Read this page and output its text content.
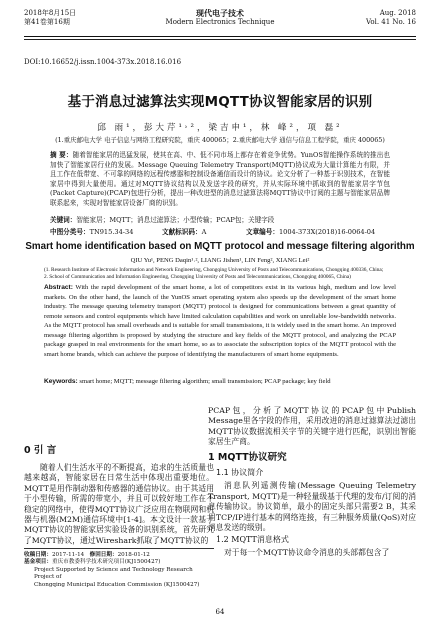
2018年8月15日
第41卷第16期
现代电子技术
Modern Electronics Technique
Aug. 2018
Vol. 41 No. 16
DOI:10.16652/j.issn.1004-373x.2018.16.016
基于消息过滤算法实现MQTT协议智能家居的识别
邱 雨¹，彭大芹¹˒²，梁吉申¹，林 峰²，项 磊²
(1.重庆邮电大学 电子信息与网络工程研究院，重庆 400065；2.重庆邮电大学 通信与信息工程学院，重庆 400065)
摘 要：随着智能家居的迅猛发展，使其在高、中、低不同市场上都存在着竞争优势。YunOS智能操作系统的推出也加快了智能家居行业的发展。Message Queuing Telemetry Transport(MQTT)协议成为大量计算能力有限，并且工作在低带宽、不可靠的网络的远程传感器和控制设备通信而设计的协议。论文分析了一种基于识别技术，在智能家居中得到大量使用。通过对MQTT协议结构以及发送字段的研究，并从实际环境中抓取到的智能家居字节包(Packet Capture)(PCAP)包进行分析，提出一种改进型的消息过滤算法将MQTT协议中订阅的主题与智能家居品牌联系起来，实现对智能家居设备厂商的识别。
关键词：智能家居；MQTT；消息过滤算法；小型传输；PCAP包；关键字段
中图分类号：TN915.34-34	文献标识码：A	文章编号：1004-373X(2018)16-0064-04
Smart home identification based on MQTT protocol and message filtering algorithm
QIU Yu¹, PENG Daqin¹˒², LIANG Jishen¹, LIN Feng², XIANG Lei²
(1. Research Institute of Electronic Information and Network Engineering, Chongqing University of Posts and Telecommunications, Chongqing 400336, China;
2. School of Communication and Information Engineering, Chongqing University of Posts and Telecommunications, Chongqing 400065, China)
Abstract: With the rapid development of the smart home, a lot of competitors exist in its various high, medium and low level markets. On the other hand, the launch of the YunOS smart operating system also speeds up the development of the smart home industry. The message queuing telemetry transport (MQTT) protocol is designed for communications between a great quantity of remote sensors and control equipments which have limited calculation capabilities and work on unreliable low-bandwidth networks. As the MQTT protocol has small overheads and is suitable for small transmissions, it is widely used in the smart home. An improved message filtering algorithm is proposed by studying the structure and key fields of the MQTT protocol, and analyzing the PCAP package grasped in real environments for the smart home, so as to associate the subscription topics of the MQTT protocol with the smart home brands, which can achieve the purpose of identifying the manufacturers of smart home equipments.
Keywords: smart home; MQTT; message filtering algorithm; small transmission; PCAP package; key field
0 引 言

随着人们生活水平的不断提高，追求的生活质量也越来越高，智能家居在日常生活中体现出重要地位。MQTT是用作制动器和传感器的通信协议。由于其适用于小型传输，所需的带宽小，并且可以较好地工作在不稳定的网络中，使得MQTT协议广泛应用在物联网和机器与机器(M2M)通信环境中[1-4]。本文设计一款基于MQTT协议的智能家居实验设备的识别系统，首先研究了MQTT协议，通过Wireshark抓取了MQTT协议的

收稿日期：2017-11-14 修回日期：2018-01-12
基金项目：重庆市教委科学技术研究项目(KJ1500427)
Project Supported by Science and Technology Research Project of
Chongqing Municipal Education Commission (KJ1500427)

PCAP包，分析了MQTT协议的PCAP包中Publish Message里各字段的作用，采用改进的消息过滤算法过滤出MQTT协议数据流相关字节的关键字进行匹配，识别出智能家居生产商。

1 MQTT协议研究
1.1 协议简介

消息队列遥测传输(Message Queuing Telemetry Transport, MQTT)是一种轻量级基于代理的发布/订阅的消息传输协议。协议简单，最小的固定头部只需要2 B，其采用TCP/IP进行基本的网络连接，有三种服务质量(QoS)对应消息发送的级别。

1.2 MQTT消息格式

对于每一个MQTT协议命令消息的头部都包含了

64
